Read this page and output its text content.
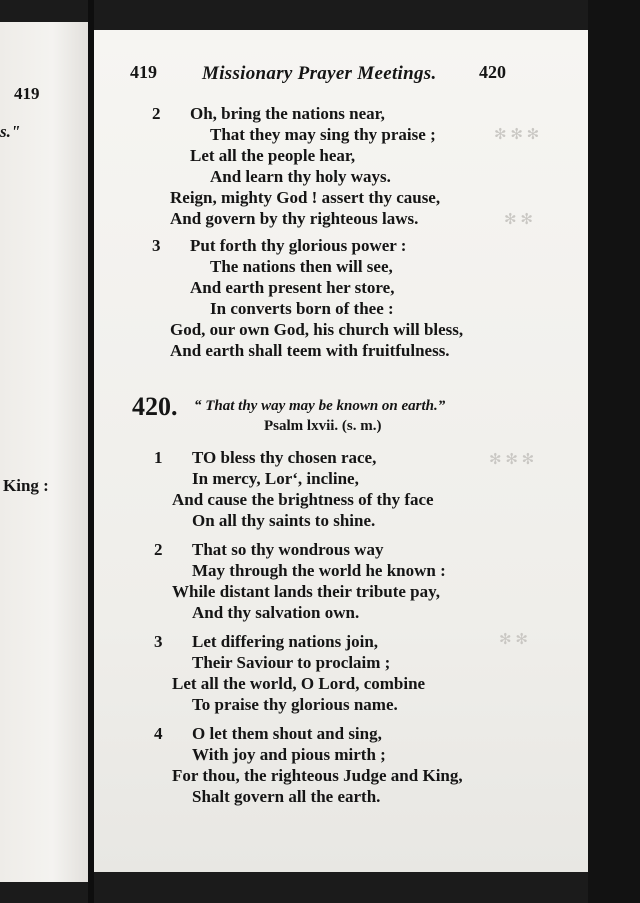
419
s."
King :
✻ ✻ ✻
✻ ✻
✻ ✻ ✻
✻ ✻
419 Missionary Prayer Meetings. 420
2 Oh, bring the nations near,
That they may sing thy praise ;
Let all the people hear,
And learn thy holy ways.
Reign, mighty God ! assert thy cause,
And govern by thy righteous laws.
3 Put forth thy glorious power :
The nations then will see,
And earth present her store,
In converts born of thee :
God, our own God, his church will bless,
And earth shall teem with fruitfulness.
420. “ That thy way may be known on earth.”
Psalm lxvii. (s. m.)
1 TO bless thy chosen race,
In mercy, Lor‘, incline,
And cause the brightness of thy face
On all thy saints to shine.
2 That so thy wondrous way
May through the world he known :
While distant lands their tribute pay,
And thy salvation own.
3 Let differing nations join,
Their Saviour to proclaim ;
Let all the world, O Lord, combine
To praise thy glorious name.
4 O let them shout and sing,
With joy and pious mirth ;
For thou, the righteous Judge and King,
Shalt govern all the earth.
